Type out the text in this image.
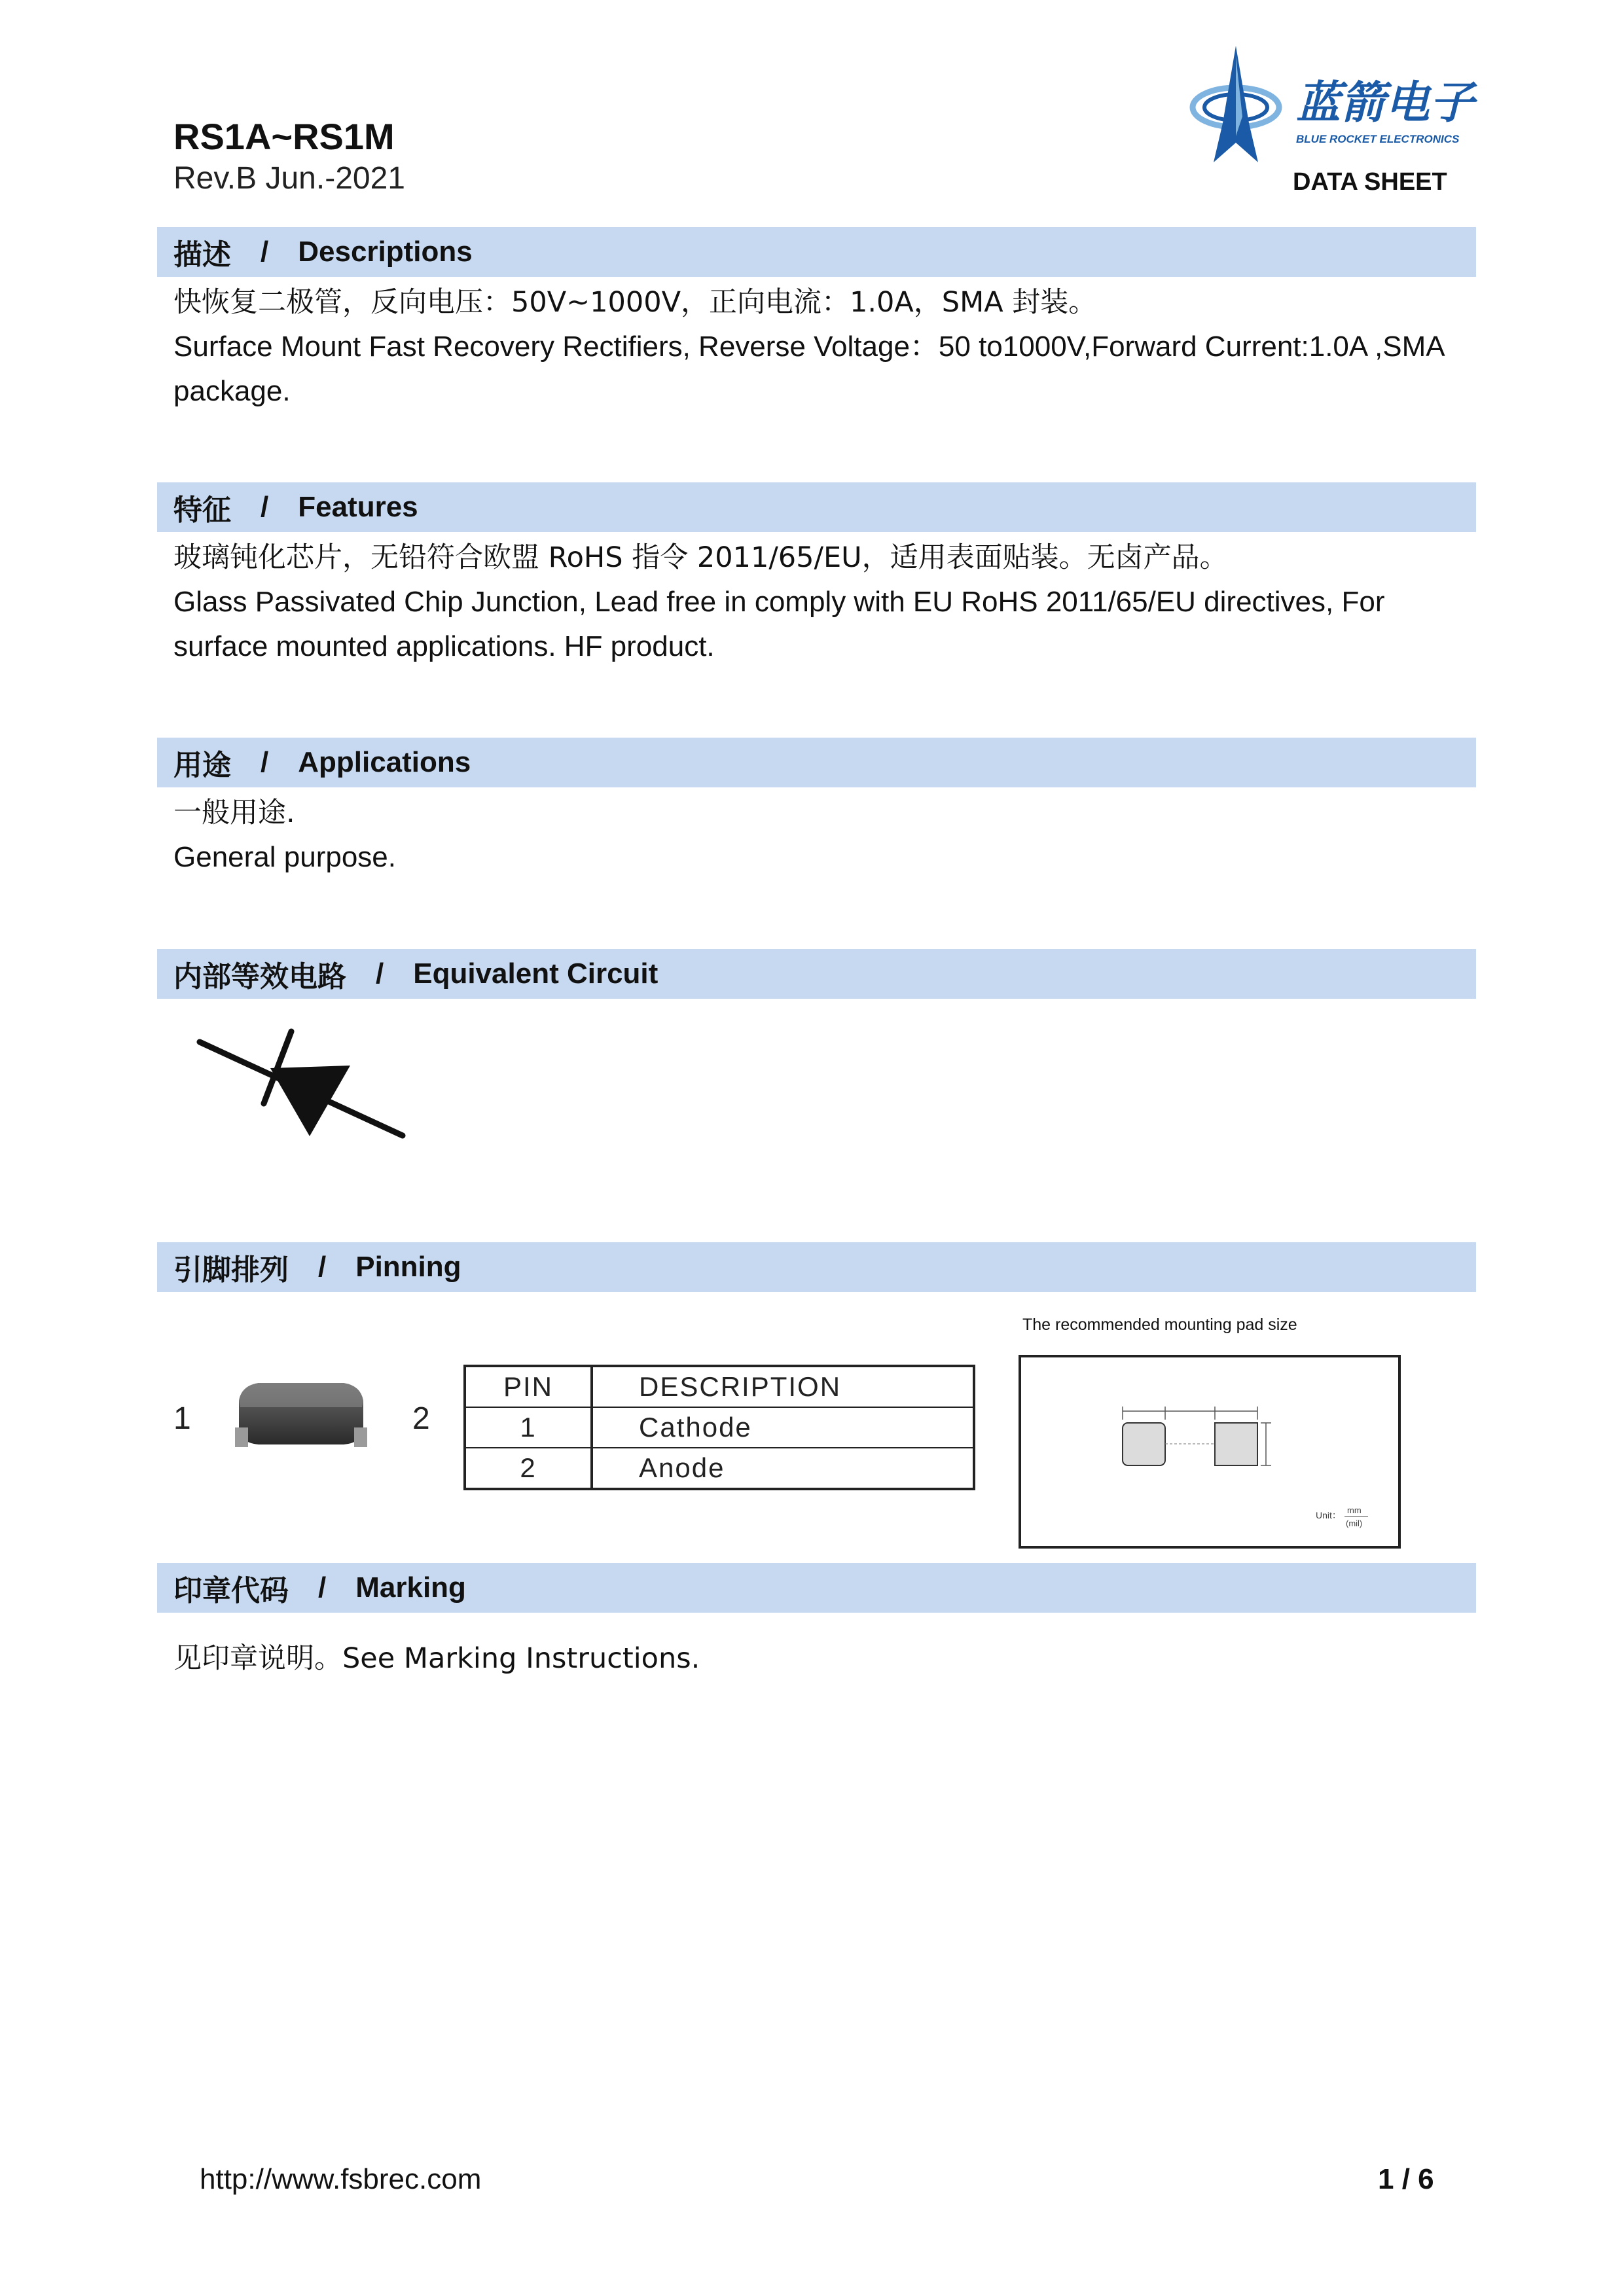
RS1A~RS1M
Rev.B Jun.-2021	DATA SHEET
蓝箭电子
BLUE ROCKET ELECTRONICS
描述 / Descriptions
快恢复二极管，反向电压：50V~1000V，正向电流：1.0A，SMA 封装。
Surface Mount Fast Recovery Rectifiers, Reverse Voltage：50 to1000V,Forward Current:1.0A ,SMA package.
特征 / Features
玻璃钝化芯片，无铅符合欧盟 RoHS 指令 2011/65/EU，适用表面贴装。无卤产品。
Glass Passivated Chip Junction, Lead free in comply with EU RoHS 2011/65/EU directives, For surface mounted applications. HF product.
用途 / Applications
一般用途.
General purpose.
内部等效电路 / Equivalent Circuit
引脚排列 / Pinning
1	2
PIN	DESCRIPTION
1	Cathode
2	Anode
The recommended mounting pad size
Unit： mm
(mil)
印章代码 / Marking
见印章说明。See Marking Instructions.
http://www.fsbrec.com	1 / 6
